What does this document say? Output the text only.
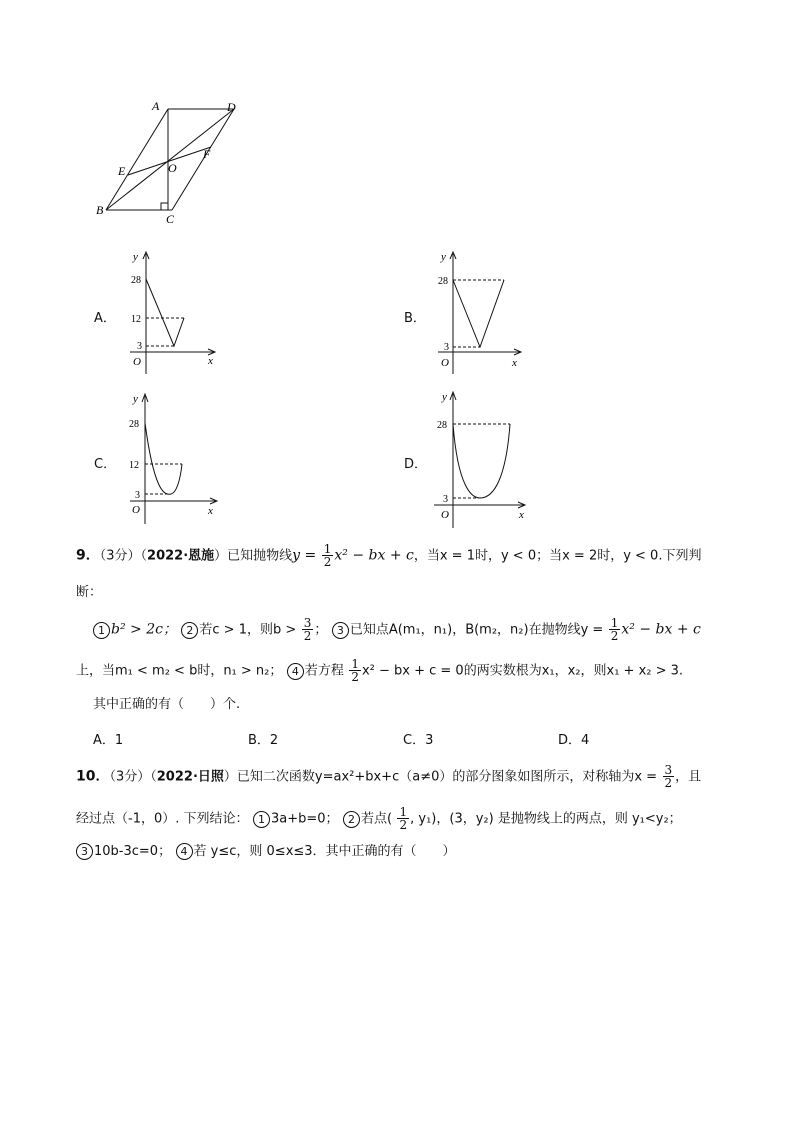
A	D
E	O
F
B
C
A．
y
x
O
28
12
3
B．
y
x
O
28
3
C．
y
x
O
28
12
3
D．
y
x
O
28
3
9．（3分）（2022·恩施）已知抛物线$y = \frac{1}{2} x^2$ − bx + c，当x = 1时，y < 0；当x = 2时，y < 0.下列判
断：
1 b² > 2c； 2 若c > 1，则$b > \frac{3}{2}$ ； 3 已知点A(m₁，n₁)，B(m₂，n₂)在抛物线$y = \frac{1}{2} x^2$ − bx + c
上，当m₁ < m₂ < b时，n₁ > n₂； 4 若方程 $\frac{1}{2} x^2$ − bx + c = 0的两实数根为x₁，x₂，则x₁ + x₂ > 3.
其中正确的有（　　）个.
A．1	B．2	C．3	D．4
10．（3分）（2022·日照）已知二次函数y=ax²+bx+c（a≠0）的部分图象如图所示，对称轴为$x = \frac{3}{2}$ ，且
经过点（-1，0）. 下列结论： 1 3a+b=0； 2 若点( $\frac{1}{2}$ , y₁)，(3，y₂) 是抛物线上的两点，则 y₁<y₂；
3 10b-3c=0； 4 若 y≤c，则 0≤x≤3．其中正确的有（　　）
